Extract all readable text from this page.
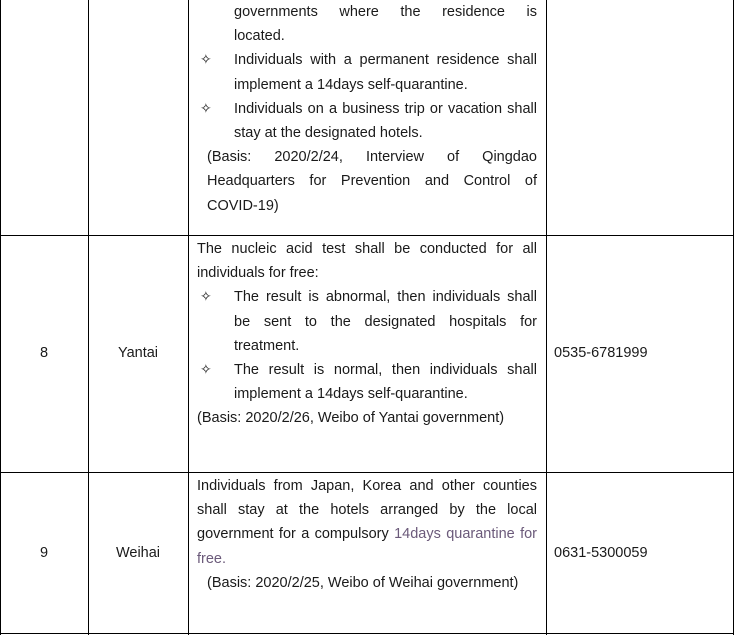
governments where the residence is
located.
✧ Individuals with a permanent residence shall implement a 14days self-quarantine.
✧ Individuals on a business trip or vacation shall stay at the designated hotels.
(Basis: 2020/2/24, Interview of Qingdao Headquarters for Prevention and Control of COVID-19)
8	Yantai
The nucleic acid test shall be conducted for all individuals for free:
✧ The result is abnormal, then individuals shall be sent to the designated hospitals for treatment.
✧ The result is normal, then individuals shall implement a 14days self-quarantine.
(Basis: 2020/2/26, Weibo of Yantai government)
0535-6781999
9	Weihai
Individuals from Japan, Korea and other counties shall stay at the hotels arranged by the local government for a compulsory 14days quarantine for free.
(Basis: 2020/2/25, Weibo of Weihai government)
0631-5300059
